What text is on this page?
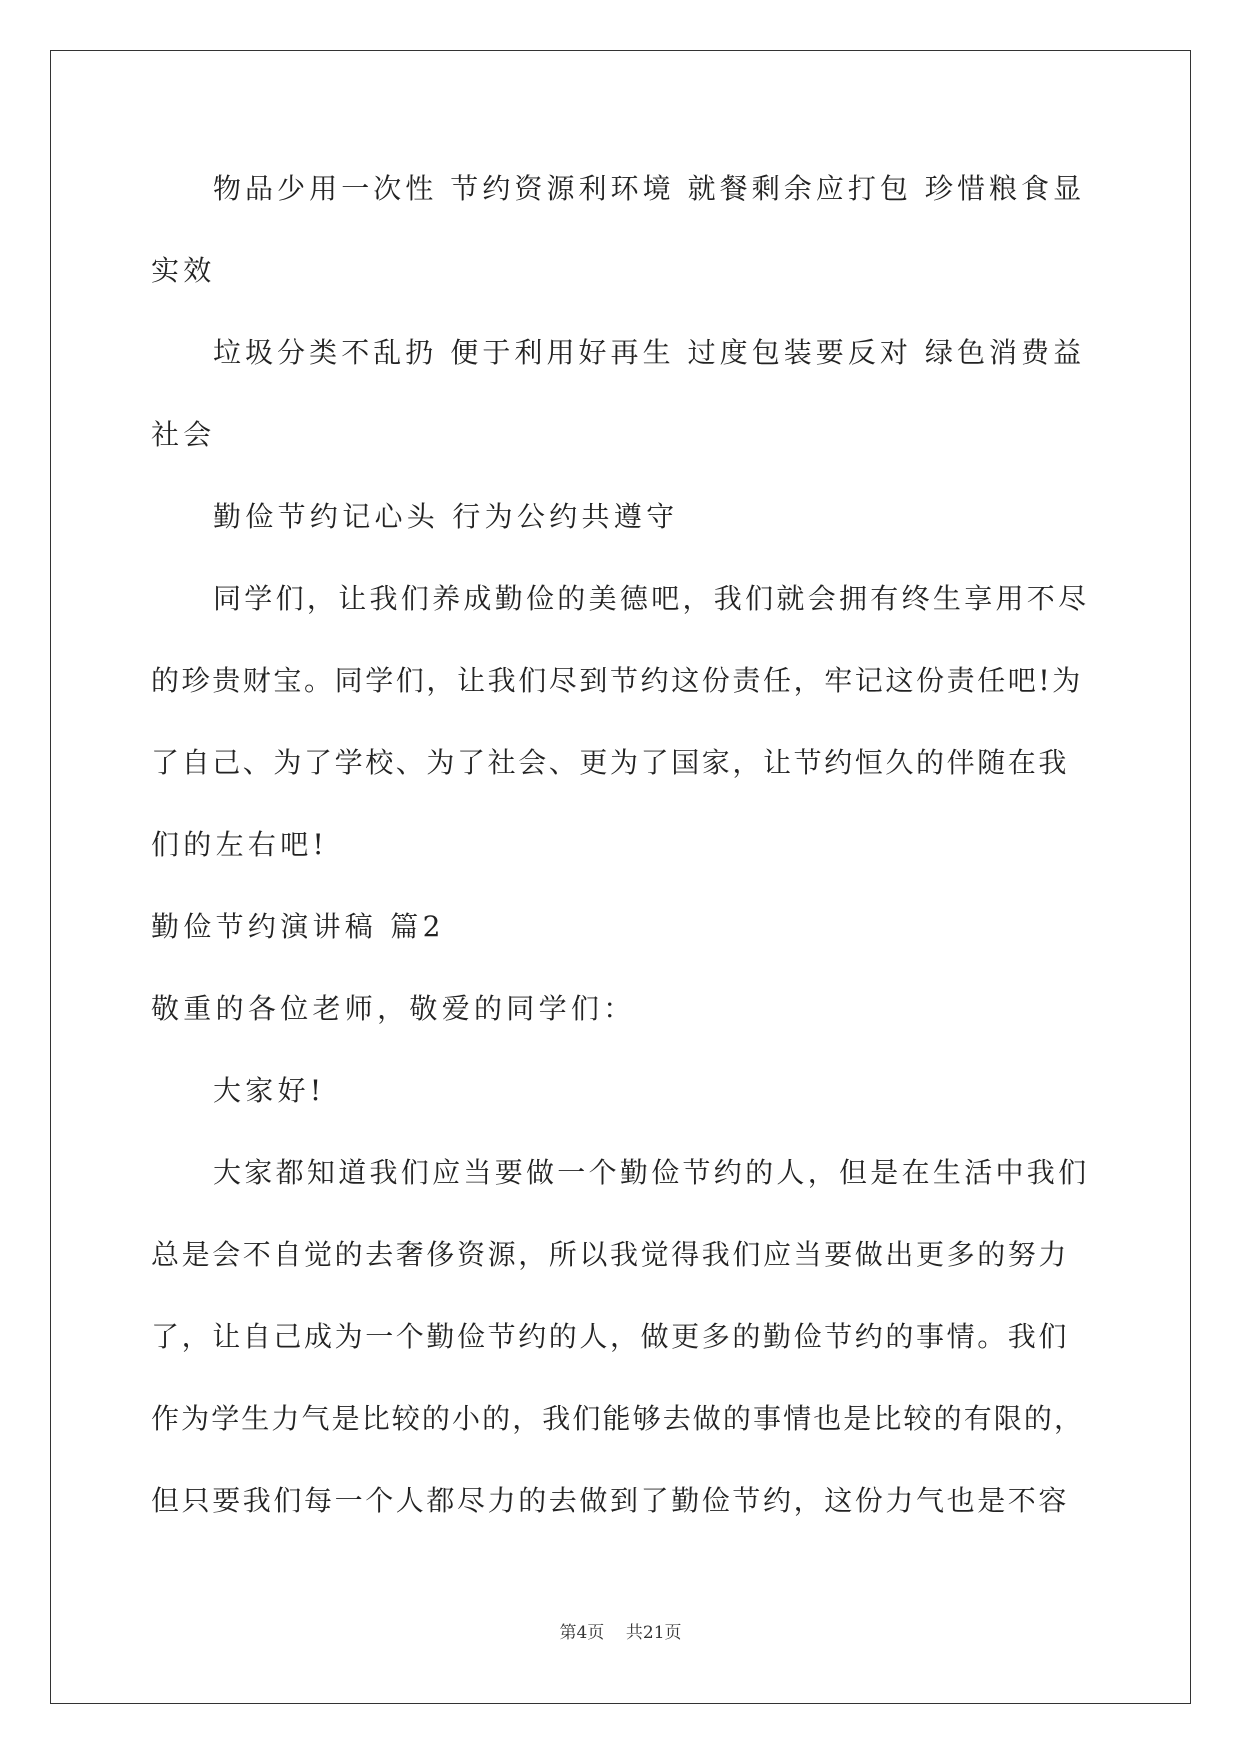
物品少用一次性 节约资源利环境 就餐剩余应打包 珍惜粮食显
实效
垃圾分类不乱扔 便于利用好再生 过度包装要反对 绿色消费益
社会
勤俭节约记心头 行为公约共遵守
同学们，让我们养成勤俭的美德吧，我们就会拥有终生享用不尽
的珍贵财宝。同学们，让我们尽到节约这份责任，牢记这份责任吧!为
了自己、为了学校、为了社会、更为了国家，让节约恒久的伴随在我
们的左右吧!
勤俭节约演讲稿 篇2
敬重的各位老师，敬爱的同学们：
大家好!
大家都知道我们应当要做一个勤俭节约的人，但是在生活中我们
总是会不自觉的去奢侈资源，所以我觉得我们应当要做出更多的努力
了，让自己成为一个勤俭节约的人，做更多的勤俭节约的事情。我们
作为学生力气是比较的小的，我们能够去做的事情也是比较的有限的，
但只要我们每一个人都尽力的去做到了勤俭节约，这份力气也是不容
第4页    共21页
